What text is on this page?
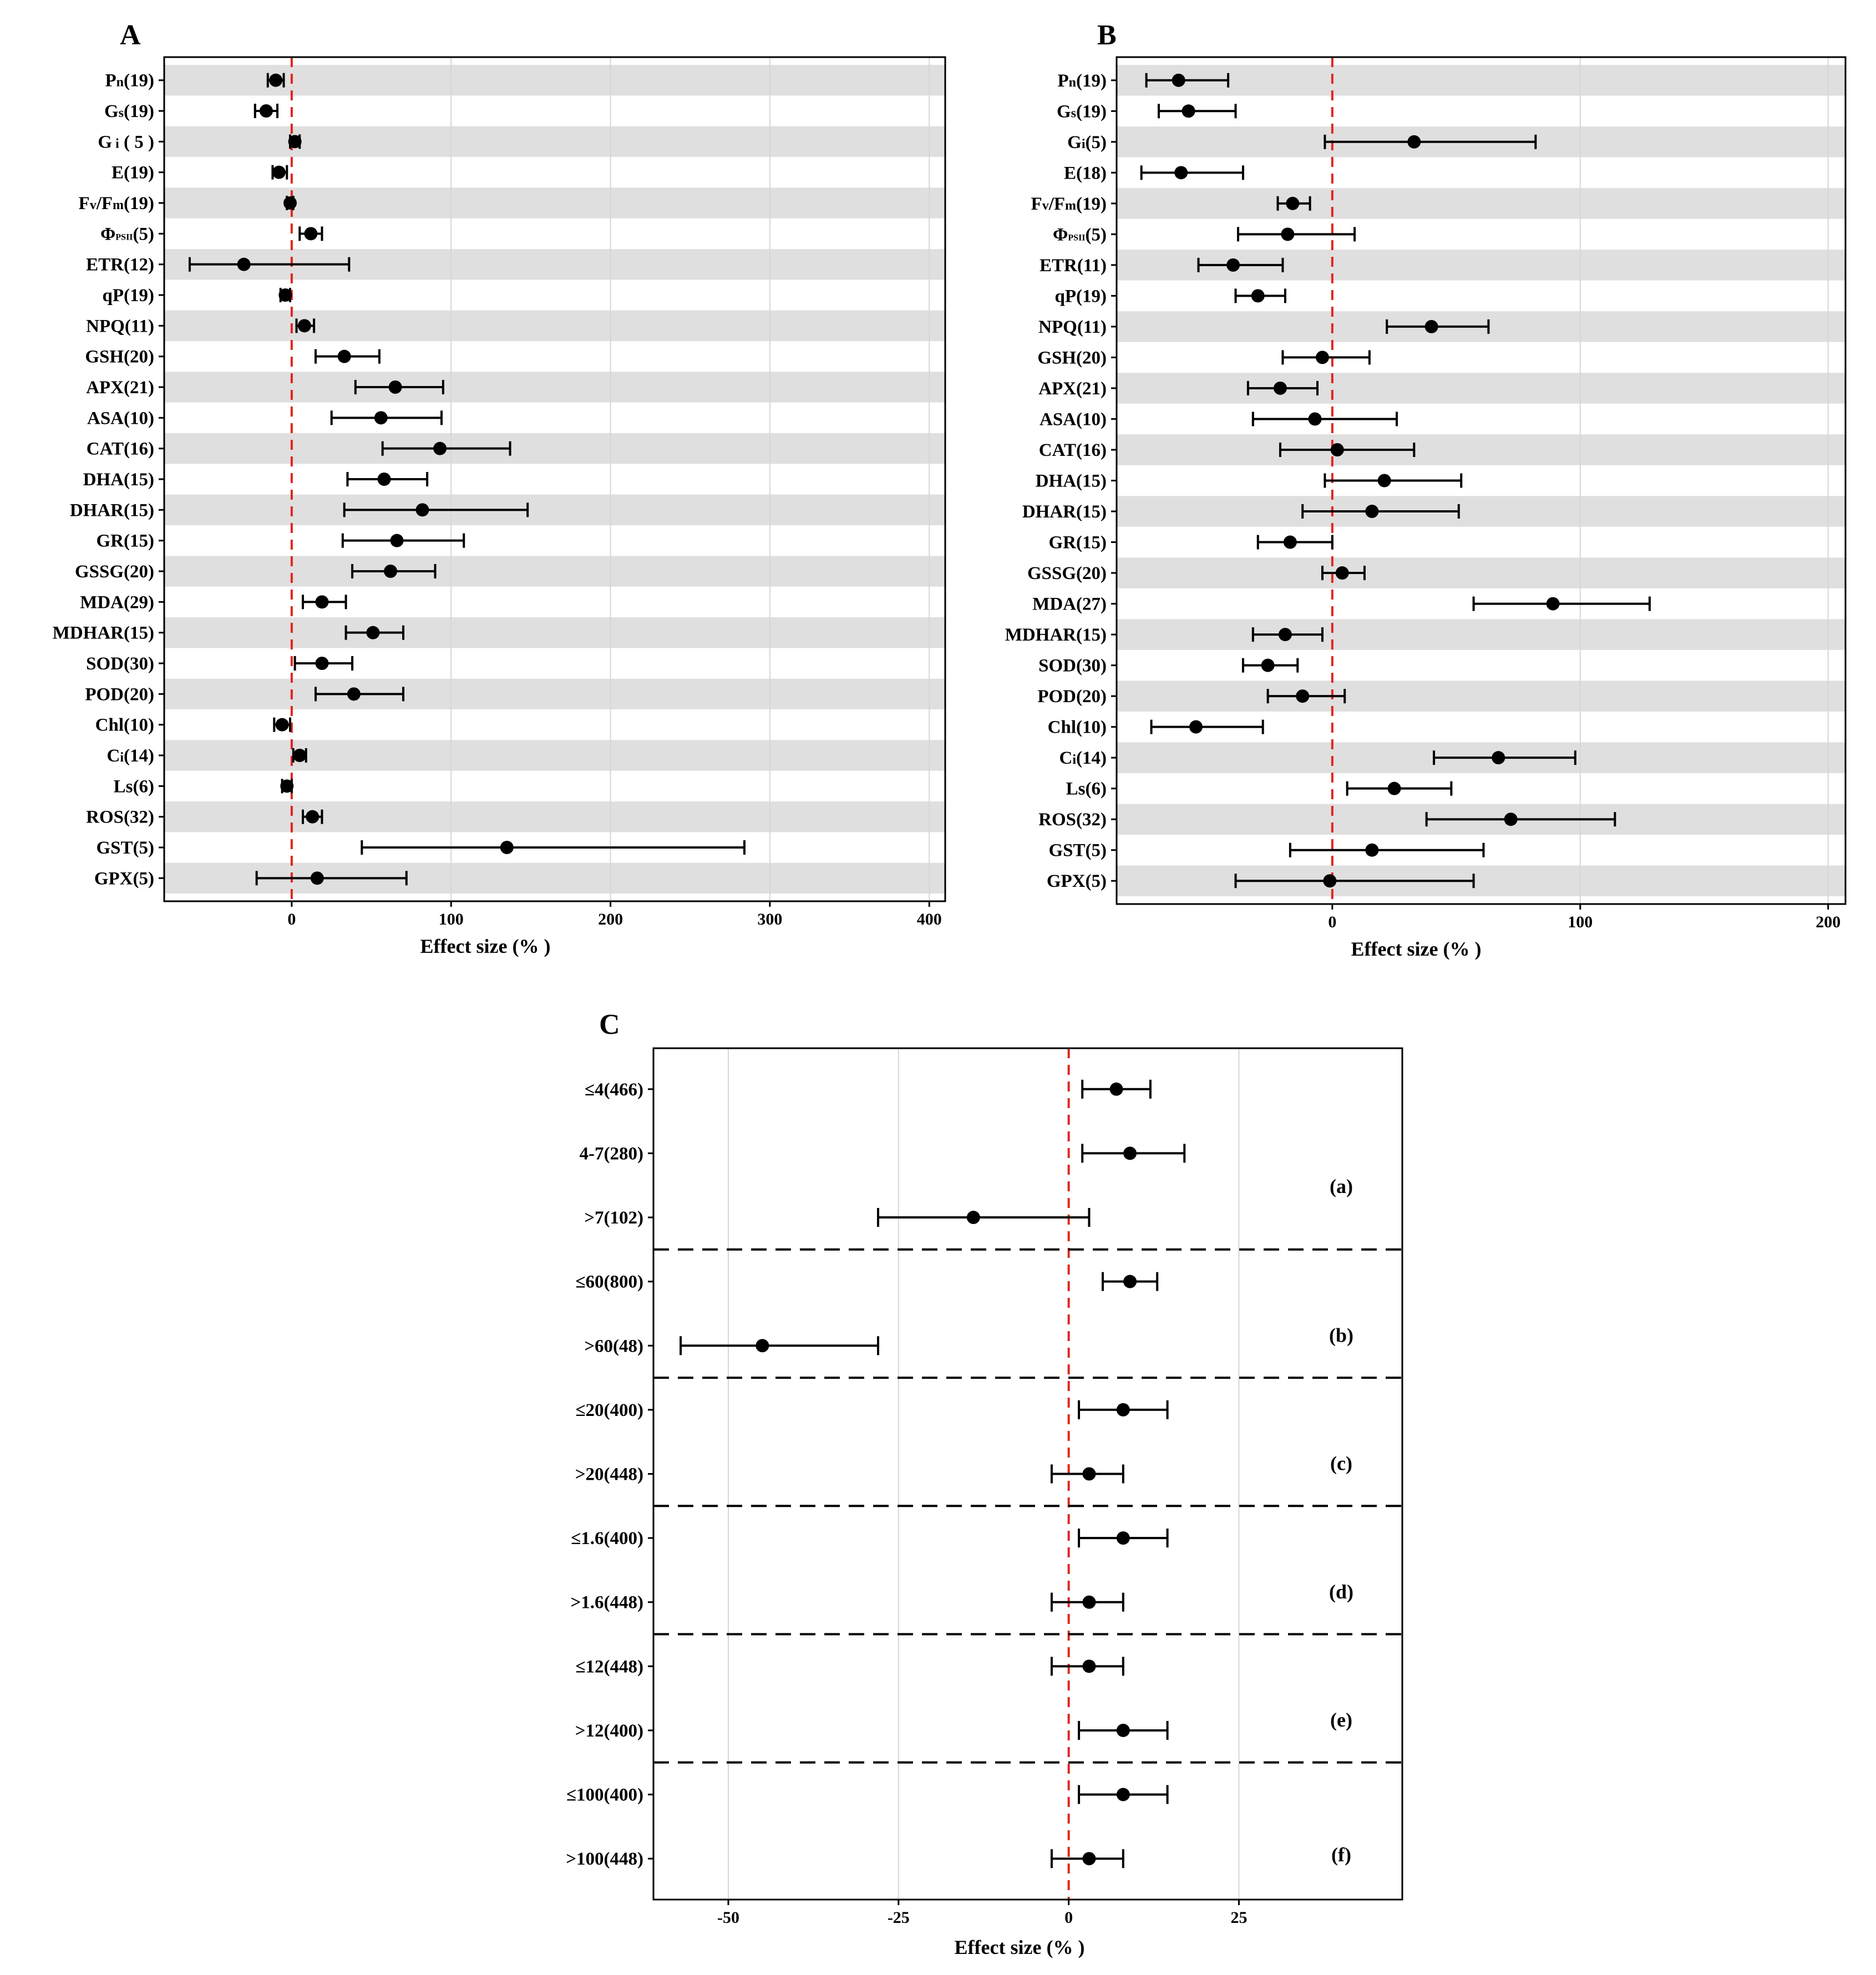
A
Pn(19)
Gs(19)
G i ( 5 )
E(19)
Fv/Fm(19)
ΦPSII(5)
ETR(12)
qP(19)
NPQ(11)
GSH(20)
APX(21)
ASA(10)
CAT(16)
DHA(15)
DHAR(15)
GR(15)
GSSG(20)
MDA(29)
MDHAR(15)
SOD(30)
POD(20)
Chl(10)
Ci(14)
Ls(6)
ROS(32)
GST(5)
GPX(5)
0	100	200	300	400
Effect size (% )
B
Pn(19)
Gs(19)
Gi(5)
E(18)
Fv/Fm(19)
ΦPSII(5)
ETR(11)
qP(19)
NPQ(11)
GSH(20)
APX(21)
ASA(10)
CAT(16)
DHA(15)
DHAR(15)
GR(15)
GSSG(20)
MDA(27)
MDHAR(15)
SOD(30)
POD(20)
Chl(10)
Ci(14)
Ls(6)
ROS(32)
GST(5)
GPX(5)
0	100	200
Effect size (% )
C
≤4(466)
4-7(280)
>7(102)
≤60(800)
>60(48)
≤20(400)
>20(448)
≤1.6(400)
>1.6(448)
≤12(448)
>12(400)
≤100(400)
>100(448)
(a)
(b)
(c)
(d)
(e)
(f)
-50	-25	0	25
Effect size (% )
